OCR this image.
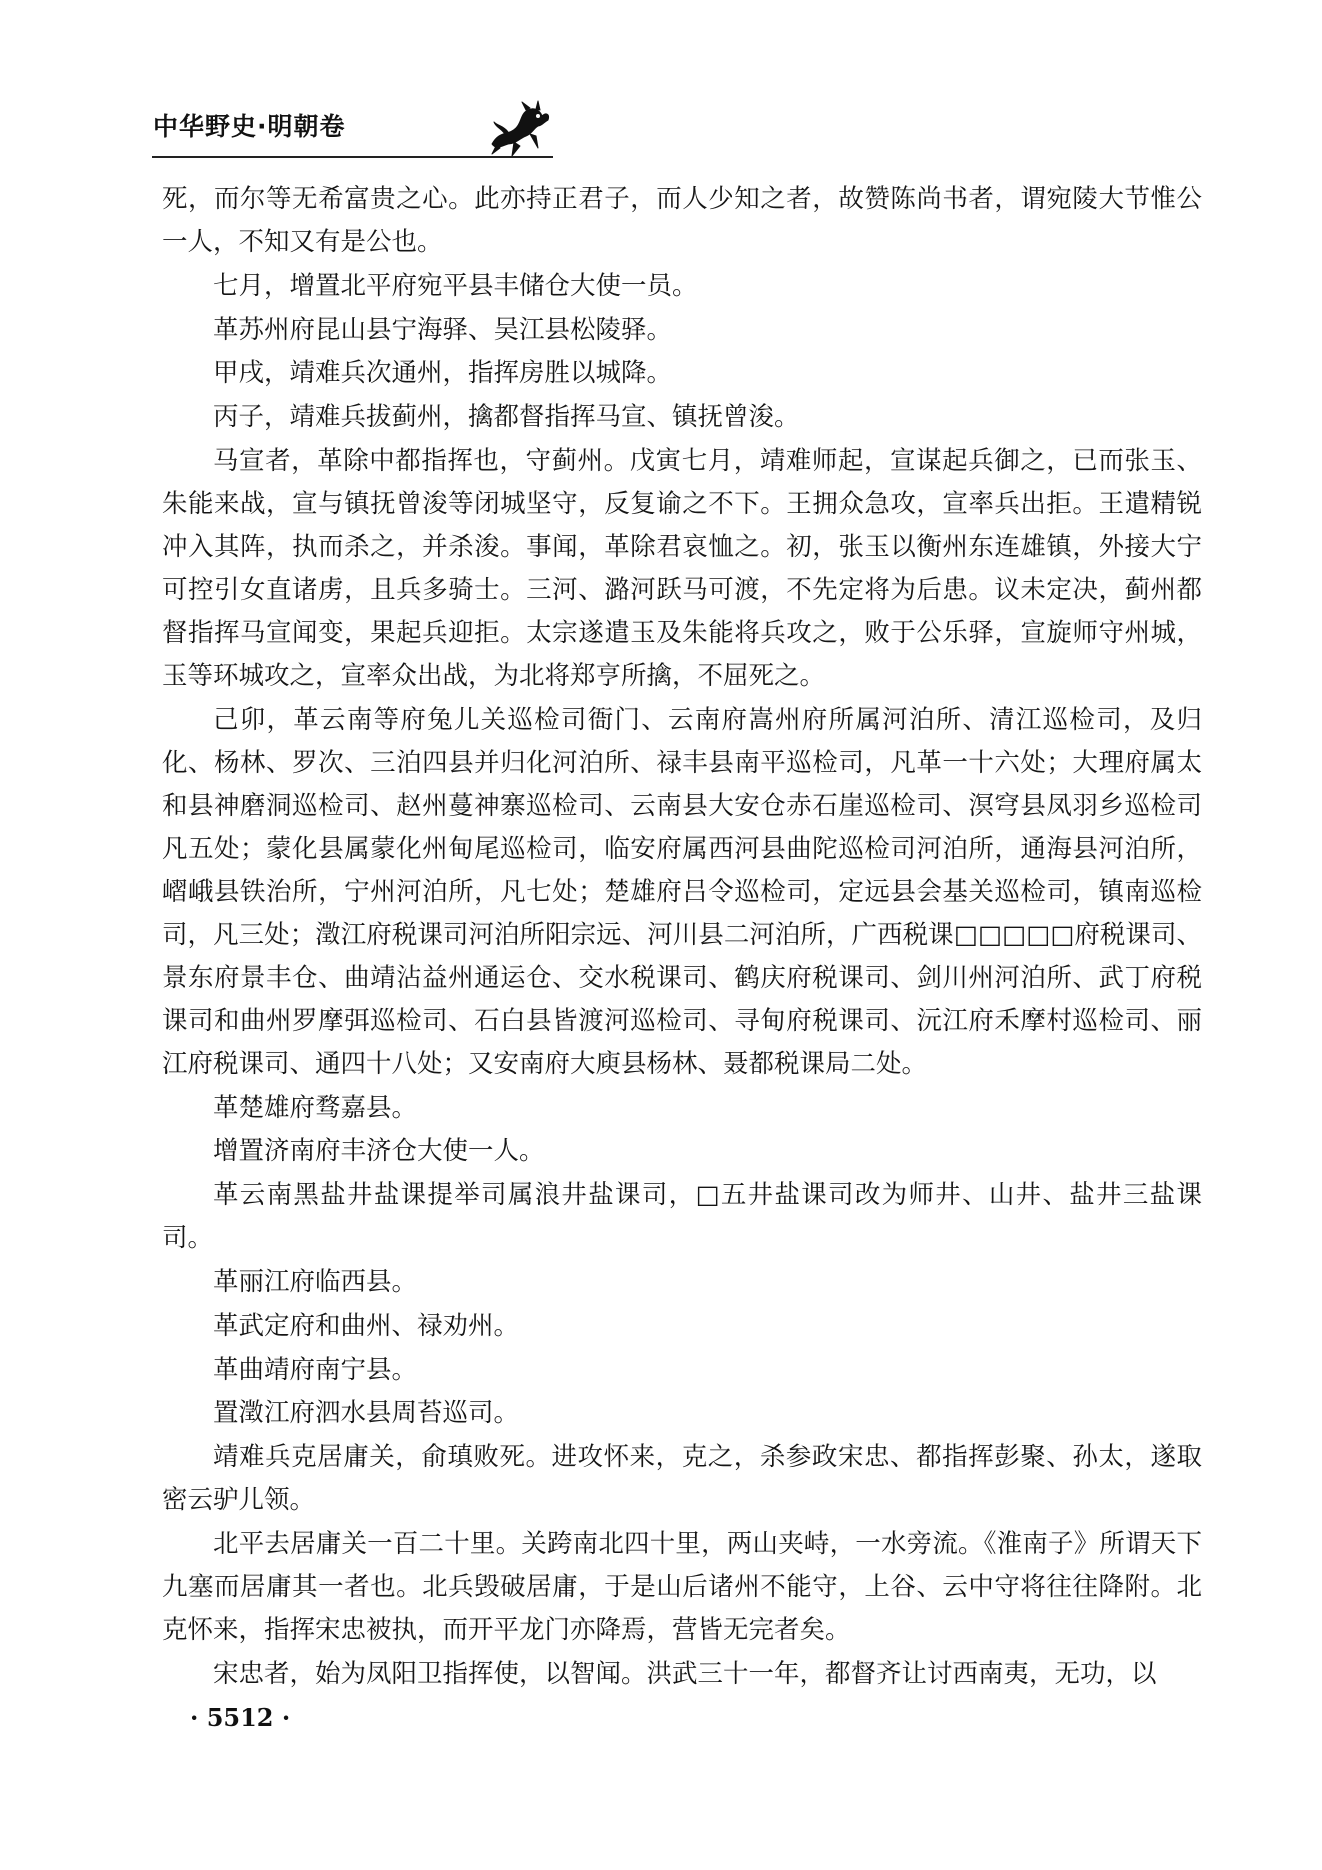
中华野史·明朝卷

死，而尔等无希富贵之心。此亦持正君子，而人少知之者，故赞陈尚书者，谓宛陵大节惟公一人，不知又有是公也。

七月，增置北平府宛平县丰储仓大使一员。

革苏州府昆山县宁海驿、吴江县松陵驿。

甲戌，靖难兵次通州，指挥房胜以城降。

丙子，靖难兵拔蓟州，擒都督指挥马宣、镇抚曾浚。

马宣者，革除中都指挥也，守蓟州。戊寅七月，靖难师起，宣谋起兵御之，已而张玉、朱能来战，宣与镇抚曾浚等闭城坚守，反复谕之不下。王拥众急攻，宣率兵出拒。王遣精锐冲入其阵，执而杀之，并杀浚。事闻，革除君哀恤之。初，张玉以衡州东连雄镇，外接大宁可控引女直诸虏，且兵多骑士。三河、潞河跃马可渡，不先定将为后患。议未定决，蓟州都督指挥马宣闻变，果起兵迎拒。太宗遂遣玉及朱能将兵攻之，败于公乐驿，宣旋师守州城，玉等环城攻之，宣率众出战，为北将郑亨所擒，不屈死之。

己卯，革云南等府兔儿关巡检司衙门、云南府嵩州府所属河泊所、清江巡检司，及归化、杨林、罗次、三泊四县并归化河泊所、禄丰县南平巡检司，凡革一十六处；大理府属太和县神磨洞巡检司、赵州蔓神寨巡检司、云南县大安仓赤石崖巡检司、溟穹县凤羽乡巡检司凡五处；蒙化县属蒙化州甸尾巡检司，临安府属西河县曲陀巡检司河泊所，通海县河泊所，嶍峨县铁治所，宁州河泊所，凡七处；楚雄府吕令巡检司，定远县会基关巡检司，镇南巡检司，凡三处；澂江府税课司河泊所阳宗远、河川县二河泊所，广西税课□□□□□府税课司、景东府景丰仓、曲靖沾益州通运仓、交水税课司、鹤庆府税课司、剑川州河泊所、武丁府税课司和曲州罗摩弭巡检司、石白县皆渡河巡检司、寻甸府税课司、沅江府禾摩村巡检司、丽江府税课司、通四十八处；又安南府大庾县杨林、聂都税课局二处。

革楚雄府骛嘉县。

增置济南府丰济仓大使一人。

革云南黑盐井盐课提举司属浪井盐课司，□五井盐课司改为师井、山井、盐井三盐课司。

革丽江府临西县。

革武定府和曲州、禄劝州。

革曲靖府南宁县。

置澂江府泗水县周苔巡司。

靖难兵克居庸关，俞瑱败死。进攻怀来，克之，杀参政宋忠、都指挥彭聚、孙太，遂取密云驴儿领。

北平去居庸关一百二十里。关跨南北四十里，两山夹峙，一水旁流。《淮南子》所谓天下九塞而居庸其一者也。北兵毁破居庸，于是山后诸州不能守，上谷、云中守将往往降附。北克怀来，指挥宋忠被执，而开平龙门亦降焉，营皆无完者矣。

宋忠者，始为凤阳卫指挥使，以智闻。洪武三十一年，都督齐让讨西南夷，无功，以

· 5512 ·
